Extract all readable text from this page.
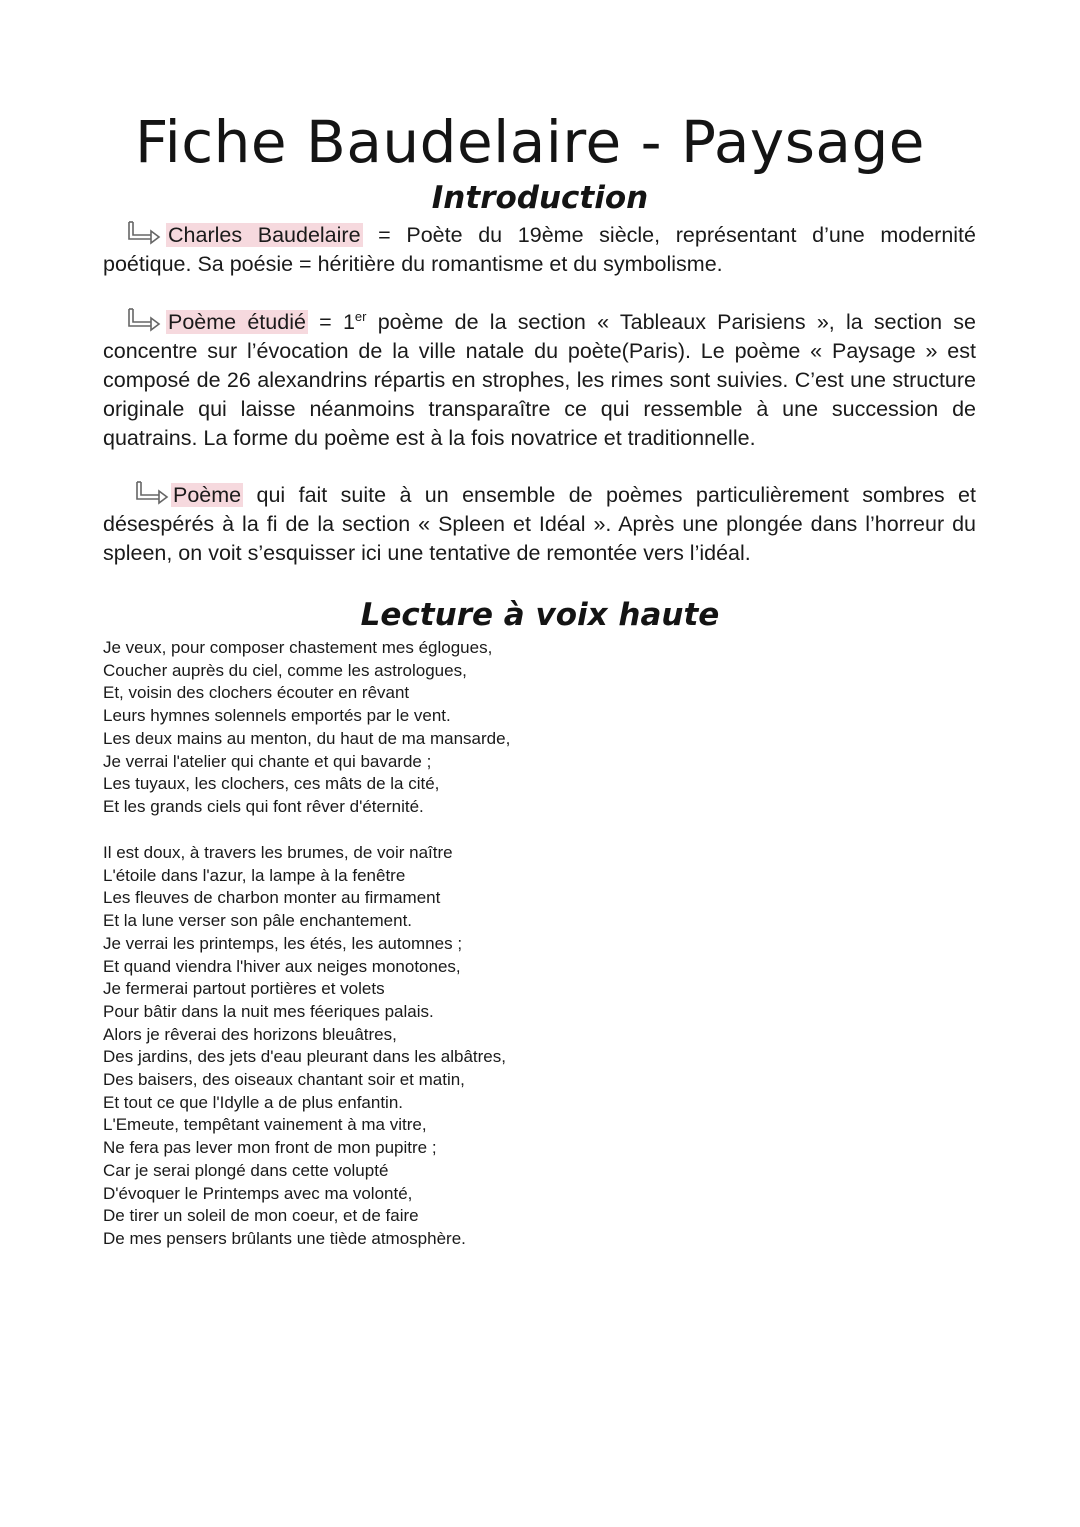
Fiche Baudelaire - Paysage
Introduction

Charles Baudelaire = Poète du 19ème siècle, représentant d’une modernité poétique. Sa poésie = héritière du romantisme et du symbolisme.

Poème étudié = 1er poème de la section « Tableaux Parisiens », la section se concentre sur l’évocation de la ville natale du poète(Paris). Le poème « Paysage » est composé de 26 alexandrins répartis en strophes, les rimes sont suivies. C’est une structure originale qui laisse néanmoins transparaître ce qui ressemble à une succession de quatrains. La forme du poème est à la fois novatrice et traditionnelle.

Poème qui fait suite à un ensemble de poèmes particulièrement sombres et désespérés à la fi de la section « Spleen et Idéal ». Après une plongée dans l’horreur du spleen, on voit s’esquisser ici une tentative de remontée vers l’idéal.

Lecture à voix haute
Je veux, pour composer chastement mes églogues,
Coucher auprès du ciel, comme les astrologues,
Et, voisin des clochers écouter en rêvant
Leurs hymnes solennels emportés par le vent.
Les deux mains au menton, du haut de ma mansarde,
Je verrai l'atelier qui chante et qui bavarde ;
Les tuyaux, les clochers, ces mâts de la cité,
Et les grands ciels qui font rêver d'éternité.
Il est doux, à travers les brumes, de voir naître
L'étoile dans l'azur, la lampe à la fenêtre
Les fleuves de charbon monter au firmament
Et la lune verser son pâle enchantement.
Je verrai les printemps, les étés, les automnes ;
Et quand viendra l'hiver aux neiges monotones,
Je fermerai partout portières et volets
Pour bâtir dans la nuit mes féeriques palais.
Alors je rêverai des horizons bleuâtres,
Des jardins, des jets d'eau pleurant dans les albâtres,
Des baisers, des oiseaux chantant soir et matin,
Et tout ce que l'Idylle a de plus enfantin.
L'Emeute, tempêtant vainement à ma vitre,
Ne fera pas lever mon front de mon pupitre ;
Car je serai plongé dans cette volupté
D'évoquer le Printemps avec ma volonté,
De tirer un soleil de mon coeur, et de faire
De mes pensers brûlants une tiède atmosphère.
